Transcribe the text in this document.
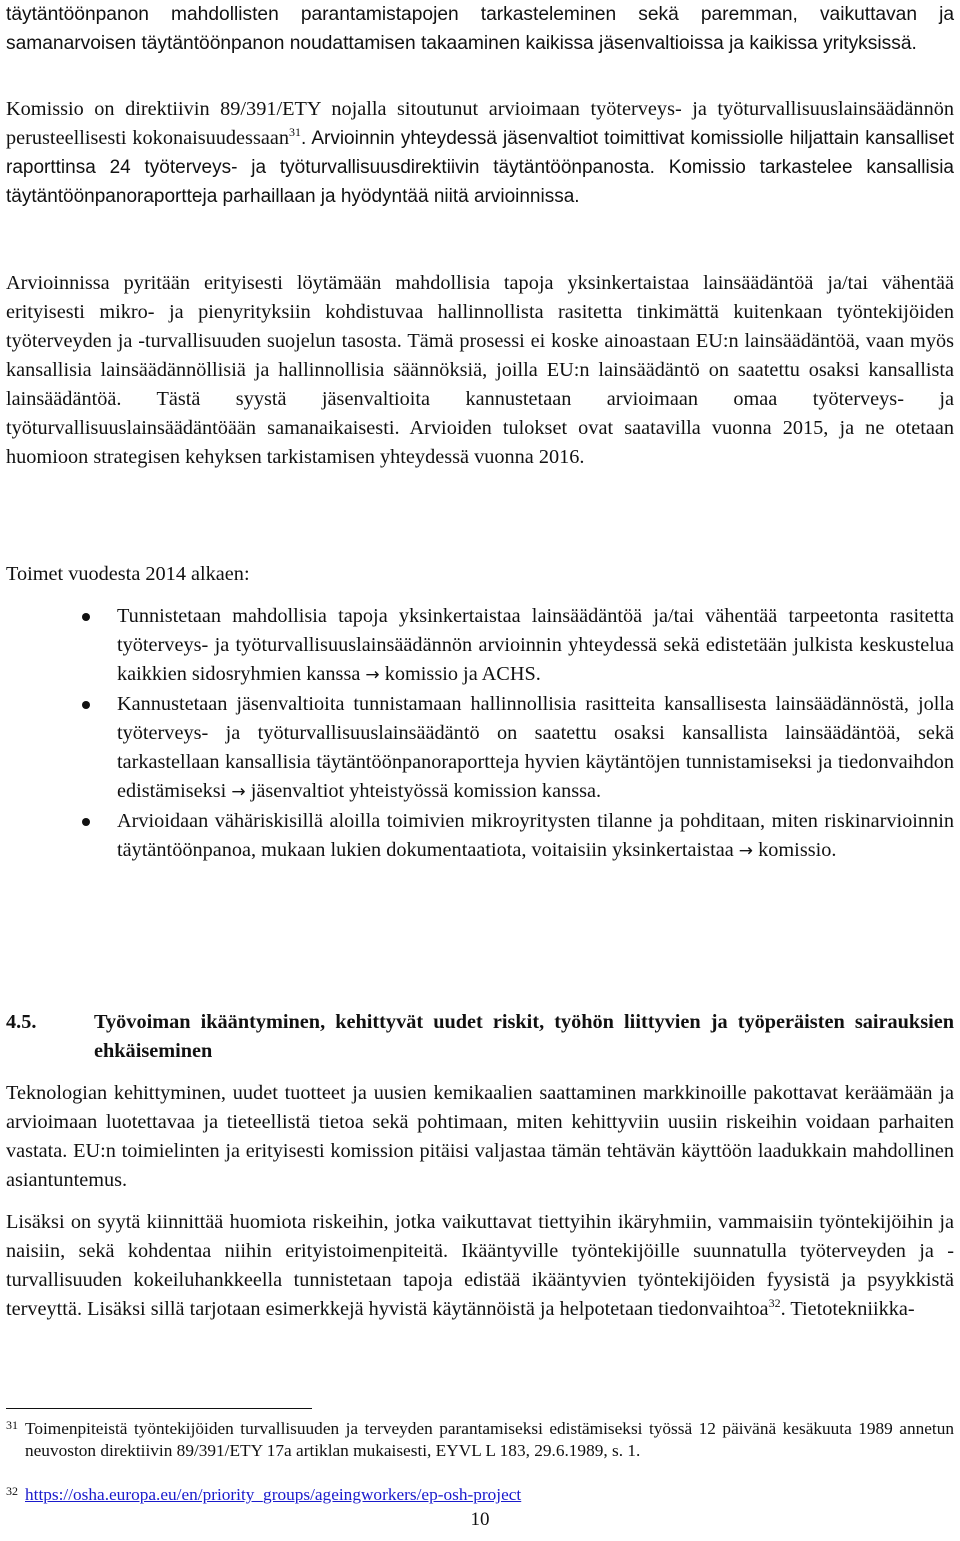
täytäntöönpanon mahdollisten parantamistapojen tarkasteleminen sekä paremman, vaikuttavan ja samanarvoisen täytäntöönpanon noudattamisen takaaminen kaikissa jäsenvaltioissa ja kaikissa yrityksissä.

Komissio on direktiivin 89/391/ETY nojalla sitoutunut arvioimaan työterveys- ja työturvallisuuslainsäädännön perusteellisesti kokonaisuudessaan$^{31}$. Arvioinnin yhteydessä jäsenvaltiot toimittivat komissiolle hiljattain kansalliset raporttinsa 24 työterveys- ja työturvallisuusdirektiivin täytäntöönpanosta. Komissio tarkastelee kansallisia täytäntöönpanoraportteja parhaillaan ja hyödyntää niitä arvioinnissa.

Arvioinnissa pyritään erityisesti löytämään mahdollisia tapoja yksinkertaistaa lainsäädäntöä ja/tai vähentää erityisesti mikro- ja pienyrityksiin kohdistuvaa hallinnollista rasitetta tinkimättä kuitenkaan työntekijöiden työterveyden ja -turvallisuuden suojelun tasosta. Tämä prosessi ei koske ainoastaan EU:n lainsäädäntöä, vaan myös kansallisia lainsäädännöllisiä ja hallinnollisia säännöksiä, joilla EU:n lainsäädäntö on saatettu osaksi kansallista lainsäädäntöä. Tästä syystä jäsenvaltioita kannustetaan arvioimaan omaa työterveys- ja työturvallisuuslainsäädäntöään samanaikaisesti. Arvioiden tulokset ovat saatavilla vuonna 2015, ja ne otetaan huomioon strategisen kehyksen tarkistamisen yhteydessä vuonna 2016.

Toimet vuodesta 2014 alkaen:

Tunnistetaan mahdollisia tapoja yksinkertaistaa lainsäädäntöä ja/tai vähentää tarpeetonta rasitetta työterveys- ja työturvallisuuslainsäädännön arvioinnin yhteydessä sekä edistetään julkista keskustelua kaikkien sidosryhmien kanssa → komissio ja ACHS.

Kannustetaan jäsenvaltioita tunnistamaan hallinnollisia rasitteita kansallisesta lainsäädännöstä, jolla työterveys- ja työturvallisuuslainsäädäntö on saatettu osaksi kansallista lainsäädäntöä, sekä tarkastellaan kansallisia täytäntöönpanoraportteja hyvien käytäntöjen tunnistamiseksi ja tiedonvaihdon edistämiseksi → jäsenvaltiot yhteistyössä komission kanssa.

Arvioidaan vähäriskisillä aloilla toimivien mikroyritysten tilanne ja pohditaan, miten riskinarvioinnin täytäntöönpanoa, mukaan lukien dokumentaatiota, voitaisiin yksinkertaistaa → komissio.

4.5.	Työvoiman ikääntyminen, kehittyvät uudet riskit, työhön liittyvien ja työperäisten sairauksien ehkäiseminen

Teknologian kehittyminen, uudet tuotteet ja uusien kemikaalien saattaminen markkinoille pakottavat keräämään ja arvioimaan luotettavaa ja tieteellistä tietoa sekä pohtimaan, miten kehittyviin uusiin riskeihin voidaan parhaiten vastata. EU:n toimielinten ja erityisesti komission pitäisi valjastaa tämän tehtävän käyttöön laadukkain mahdollinen asiantuntemus.

Lisäksi on syytä kiinnittää huomiota riskeihin, jotka vaikuttavat tiettyihin ikäryhmiin, vammaisiin työntekijöihin ja naisiin, sekä kohdentaa niihin erityistoimenpiteitä. Ikääntyville työntekijöille suunnatulla työterveyden ja -turvallisuuden kokeiluhankkeella tunnistetaan tapoja edistää ikääntyvien työntekijöiden fyysistä ja psyykkistä terveyttä. Lisäksi sillä tarjotaan esimerkkejä hyvistä käytännöistä ja helpotetaan tiedonvaihtoa$^{32}$. Tietotekniikka-

31 Toimenpiteistä työntekijöiden turvallisuuden ja terveyden parantamiseksi edistämiseksi työssä 12 päivänä kesäkuuta 1989 annetun neuvoston direktiivin 89/391/ETY 17a artiklan mukaisesti, EYVL L 183, 29.6.1989, s. 1.

32 https://osha.europa.eu/en/priority_groups/ageingworkers/ep-osh-project

10
